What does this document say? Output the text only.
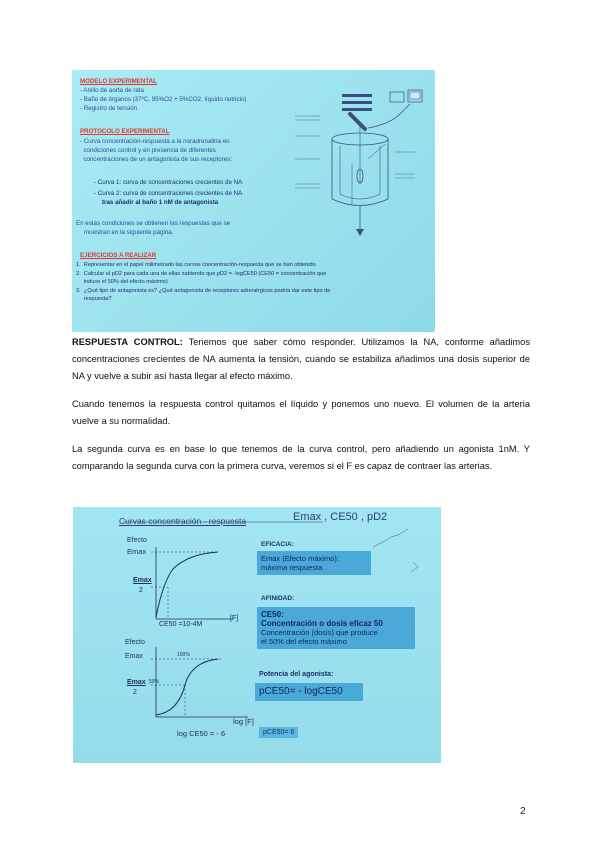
MODELO EXPERIMENTAL
- Anillo de aorta de rata
- Baño de órganos (37ºC, 95%O2 + 5%CO2, líquido nutricio)
- Registro de tensión
PROTOCOLO EXPERIMENTAL
- Curva concentración-respuesta a la noradrenalina en
condiciones control y en presencia de diferentes
concentraciones de un antagonista de sus receptores:
- Curva 1: curva de concentraciones crecientes de NA
- Curva 2: curva de concentraciones crecientes de NA
tras añadir al baño 1 nM de antagonista
En estas condiciones se obtienen las respuestas que se
muestran en la siguiente página.
EJERCICIOS A REALIZAR
1.  Representar en el papel milimetrado las curvas concentración-respuesta que se han obtenido
2.  Calcular el pD2 para cada una de ellas sabiendo que pD2 = -logCE50 (CE50 = concentración que
induce el 50% del efecto máximo)
3.  ¿Qué tipo de antagonista es? ¿Qué antagonista de receptores adrenérgicos podría dar este tipo de
respuesta?
RESPUESTA CONTROL: Tenemos que saber cómo responder. Utilizamos la NA, conforme añadimos concentraciones crecientes de NA aumenta la tensión, cuando se estabiliza añadimos una dosis superior de NA y vuelve a subir así hasta llegar al efecto máximo.
Cuando tenemos la respuesta control quitamos el líquido y ponemos uno nuevo. El volumen de la arteria vuelve a su normalidad.
La segunda curva es en base lo que tenemos de la curva control, pero añadiendo un agonista 1nM. Y comparando la segunda curva con la primera curva, veremos si el F es capaz de contraer las arterias.
Curvas concentración - respuesta	Emax , CE50 , pD2
Efecto
Emax
Emax
2
CE50 =10-4M
[F]
Efecto
Emax	100%
50%
Emax
2
log [F]
log CE50 = - 6	pCE50= 6
EFICACIA:
Emax (Efecto máximo):
máxima respuesta
AFINIDAD:
CE50:
Concentración o dosis eficaz 50
Concentración (dosis) que produce
el 50% del efecto máximo
Potencia del agonista:
pCE50= - logCE50
2
